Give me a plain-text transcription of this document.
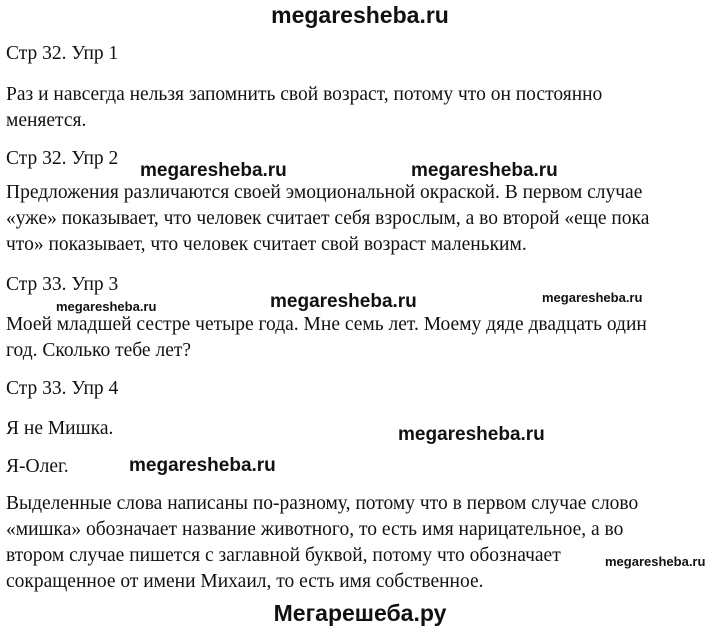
megaresheba.ru
Стр 32. Упр 1
Раз и навсегда нельзя запомнить свой возраст, потому что он постоянно
меняется.
Стр 32. Упр 2
Предложения различаются своей эмоциональной окраской. В первом случае
«уже» показывает, что человек считает себя взрослым, а во второй «еще пока
что» показывает, что человек считает свой возраст маленьким.
Стр 33. Упр 3
Моей младшей сестре четыре года. Мне семь лет. Моему дяде двадцать один
год. Сколько тебе лет?
Стр 33. Упр 4
Я не Мишка.
Я-Олег.
Выделенные слова написаны по-разному, потому что в первом случае слово
«мишка» обозначает название животного, то есть имя нарицательное, а во
втором случае пишется с заглавной буквой, потому что обозначает
сокращенное от имени Михаил, то есть имя собственное.
megaresheba.ru	megaresheba.ru
megaresheba.ru	megaresheba.ru	megaresheba.ru
megaresheba.ru
megaresheba.ru
megaresheba.ru
Мегарешеба.ру
